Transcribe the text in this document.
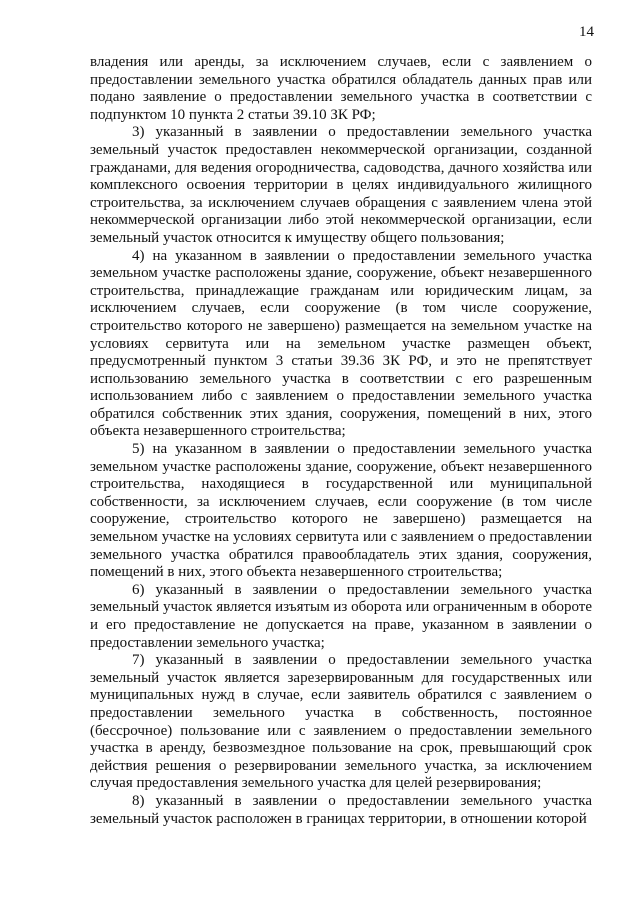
14

владения или аренды, за исключением случаев, если с заявлением о предоставлении земельного участка обратился обладатель данных прав или подано заявление о предоставлении земельного участка в соответствии с подпунктом 10 пункта 2 статьи 39.10 ЗК РФ;

3) указанный в заявлении о предоставлении земельного участка земельный участок предоставлен некоммерческой организации, созданной гражданами, для ведения огородничества, садоводства, дачного хозяйства или комплексного освоения территории в целях индивидуального жилищного строительства, за исключением случаев обращения с заявлением члена этой некоммерческой организации либо этой некоммерческой организации, если земельный участок относится к имуществу общего пользования;

4) на указанном в заявлении о предоставлении земельного участка земельном участке расположены здание, сооружение, объект незавершенного строительства, принадлежащие гражданам или юридическим лицам, за исключением случаев, если сооружение (в том числе сооружение, строительство которого не завершено) размещается на земельном участке на условиях сервитута или на земельном участке размещен объект, предусмотренный пунктом 3 статьи 39.36 ЗК РФ, и это не препятствует использованию земельного участка в соответствии с его разрешенным использованием либо с заявлением о предоставлении земельного участка обратился собственник этих здания, сооружения, помещений в них, этого объекта незавершенного строительства;

5) на указанном в заявлении о предоставлении земельного участка земельном участке расположены здание, сооружение, объект незавершенного строительства, находящиеся в государственной или муниципальной собственности, за исключением случаев, если сооружение (в том числе сооружение, строительство которого не завершено) размещается на земельном участке на условиях сервитута или с заявлением о предоставлении земельного участка обратился правообладатель этих здания, сооружения, помещений в них, этого объекта незавершенного строительства;

6) указанный в заявлении о предоставлении земельного участка земельный участок является изъятым из оборота или ограниченным в обороте и его предоставление не допускается на праве, указанном в заявлении о предоставлении земельного участка;

7) указанный в заявлении о предоставлении земельного участка земельный участок является зарезервированным для государственных или муниципальных нужд в случае, если заявитель обратился с заявлением о предоставлении земельного участка в собственность, постоянное (бессрочное) пользование или с заявлением о предоставлении земельного участка в аренду, безвозмездное пользование на срок, превышающий срок действия решения о резервировании земельного участка, за исключением случая предоставления земельного участка для целей резервирования;

8) указанный в заявлении о предоставлении земельного участка земельный участок расположен в границах территории, в отношении которой
